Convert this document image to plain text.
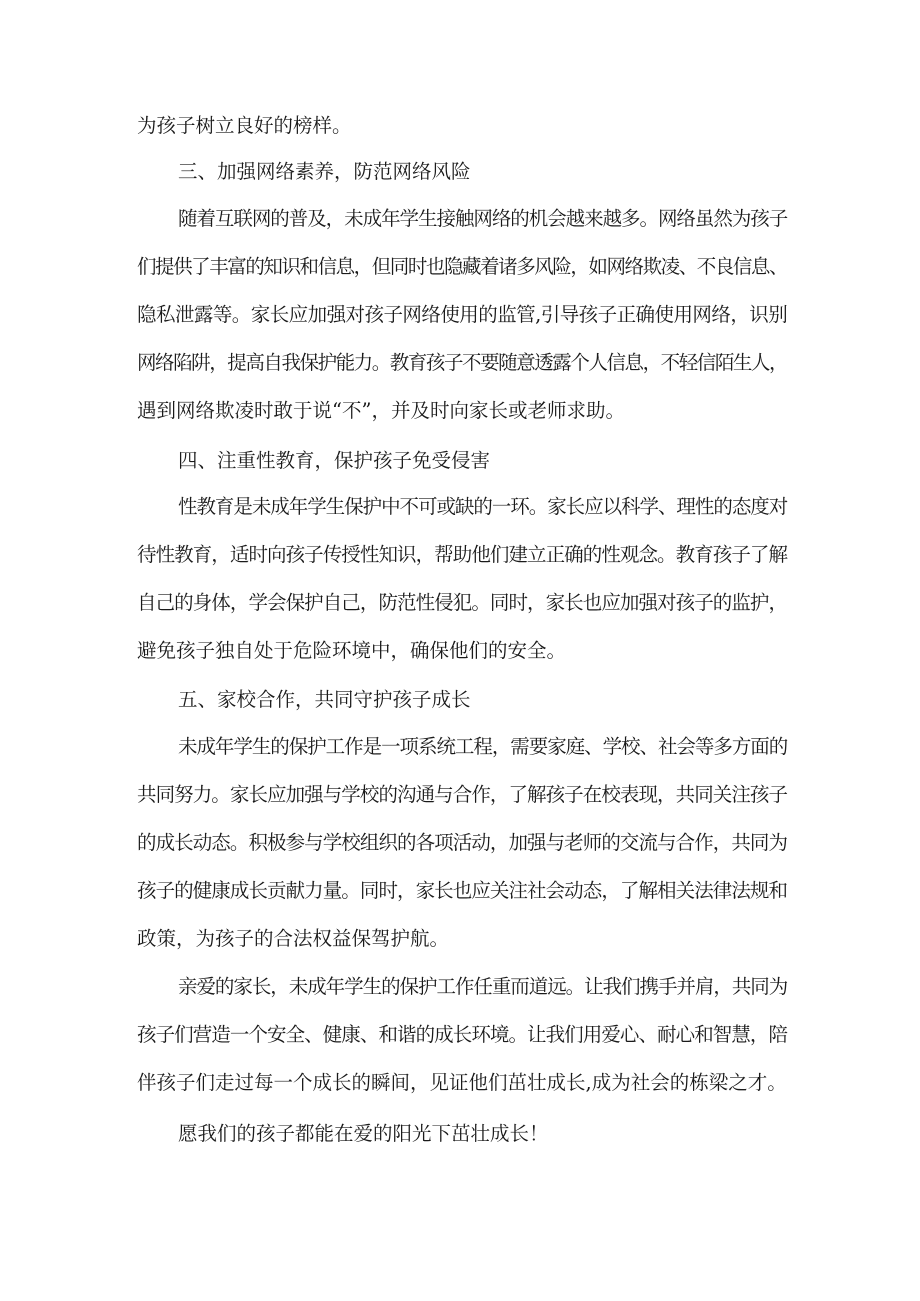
为孩子树立良好的榜样。
三、加强网络素养，防范网络风险
随着互联网的普及，未成年学生接触网络的机会越来越多。网络虽然为孩子
们提供了丰富的知识和信息，但同时也隐藏着诸多风险，如网络欺凌、不良信息、
隐私泄露等。家长应加强对孩子网络使用的监管,引导孩子正确使用网络，识别
网络陷阱，提高自我保护能力。教育孩子不要随意透露个人信息，不轻信陌生人，
遇到网络欺凌时敢于说“不”，并及时向家长或老师求助。
四、注重性教育，保护孩子免受侵害
性教育是未成年学生保护中不可或缺的一环。家长应以科学、理性的态度对
待性教育，适时向孩子传授性知识，帮助他们建立正确的性观念。教育孩子了解
自己的身体，学会保护自己，防范性侵犯。同时，家长也应加强对孩子的监护，
避免孩子独自处于危险环境中，确保他们的安全。
五、家校合作，共同守护孩子成长
未成年学生的保护工作是一项系统工程，需要家庭、学校、社会等多方面的
共同努力。家长应加强与学校的沟通与合作，了解孩子在校表现，共同关注孩子
的成长动态。积极参与学校组织的各项活动，加强与老师的交流与合作，共同为
孩子的健康成长贡献力量。同时，家长也应关注社会动态，了解相关法律法规和
政策，为孩子的合法权益保驾护航。
亲爱的家长，未成年学生的保护工作任重而道远。让我们携手并肩，共同为
孩子们营造一个安全、健康、和谐的成长环境。让我们用爱心、耐心和智慧，陪
伴孩子们走过每一个成长的瞬间，见证他们茁壮成长,成为社会的栋梁之才。
愿我们的孩子都能在爱的阳光下茁壮成长！
